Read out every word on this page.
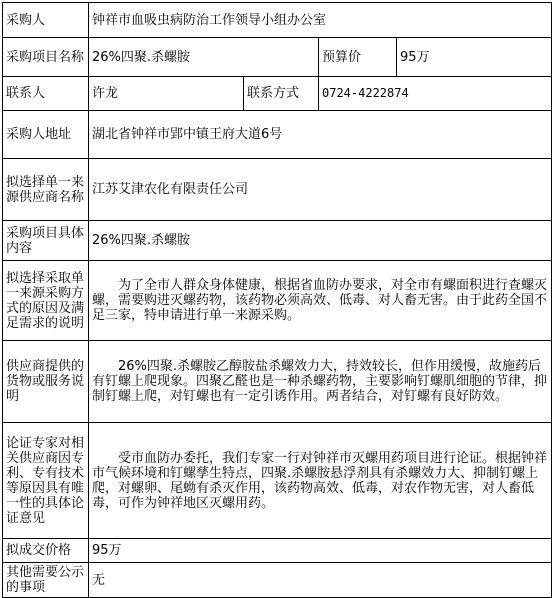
采购人	钟祥市血吸虫病防治工作领导小组办公室			
采购项目名称	26%四聚.杀螺胺		预算价	95万
联系人	许龙	联系方式	0724-4222874	
采购人地址	湖北省钟祥市郢中镇王府大道6号			
拟选择单一来源供应商名称	江苏艾津农化有限责任公司			
采购项目具体内容	26%四聚.杀螺胺			
拟选择采取单一来源采购方式的原因及满足需求的说明	为了全市人群众身体健康，根据省血防办要求，对全市有螺面积进行查螺灭螺，需要购进灭螺药物，该药物必须高效、低毒、对人畜无害。由于此药全国不足三家，特申请进行单一来源采购。			
供应商提供的货物或服务说明	26%四聚.杀螺胺乙醇胺盐杀螺效力大，持效较长，但作用缓慢，故施药后有钉螺上爬现象。四聚乙醛也是一种杀螺药物，主要影响钉螺肌细胞的节律，抑制钉螺上爬，对钉螺也有一定引诱作用。两者结合，对钉螺有良好防效。			
论证专家对相关供应商因专利、专有技术等原因具有唯一性的具体论证意见	受市血防办委托，我们专家一行对钟祥市灭螺用药项目进行论证。根据钟祥市气候环境和钉螺孳生特点，四聚.杀螺胺悬浮剂具有杀螺效力大、抑制钉螺上爬，对螺卵、尾蚴有杀灭作用，该药物高效、低毒，对农作物无害，对人畜低毒，可作为钟祥地区灭螺用药。			
拟成交价格	95万			
其他需要公示的事项	无			
